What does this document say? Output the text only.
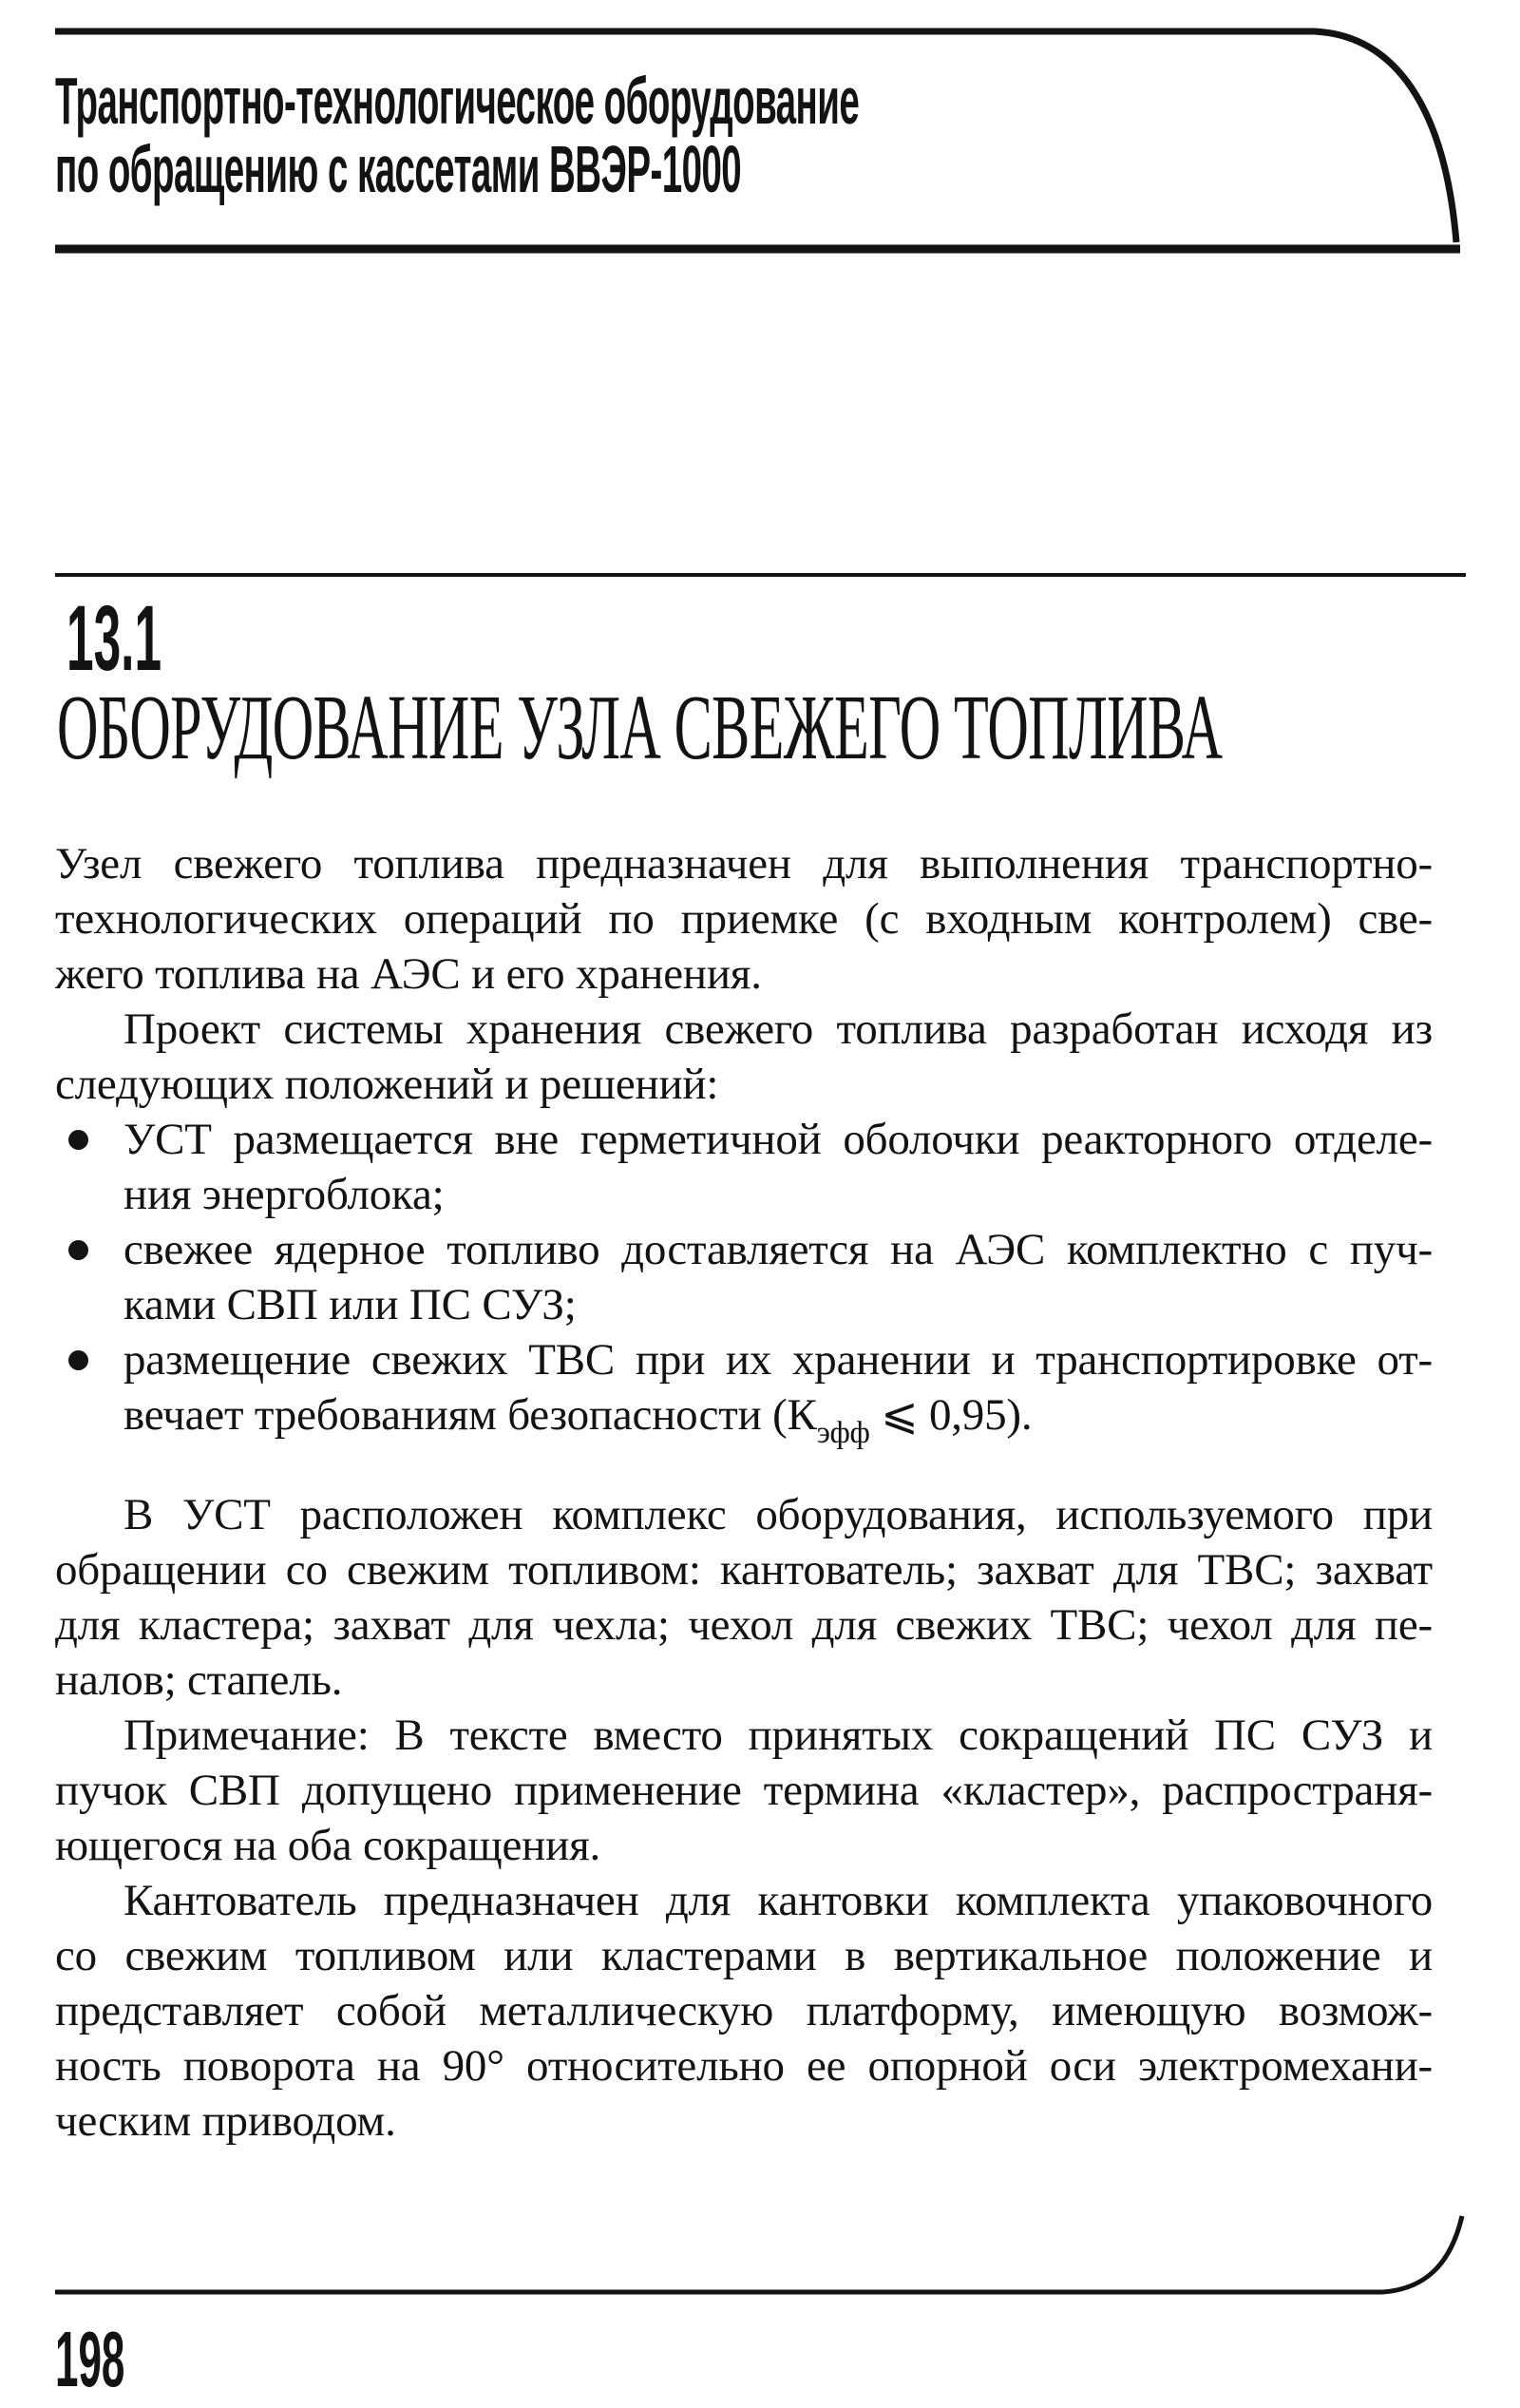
Транспортно-технологическое оборудование
по обращению с кассетами ВВЭР-1000
13.1
ОБОРУДОВАНИЕ УЗЛА СВЕЖЕГО ТОПЛИВА
Узел свежего топлива предназначен для выполнения транспортно-
технологических операций по приемке (с входным контролем) све-
жего топлива на АЭС и его хранения.
Проект системы хранения свежего топлива разработан исходя из
следующих положений и решений:
УСТ размещается вне герметичной оболочки реакторного отделе-
ния энергоблока;
свежее ядерное топливо доставляется на АЭС комплектно с пуч-
ками СВП или ПС СУЗ;
размещение свежих ТВС при их хранении и транспортировке от-
вечает требованиям безопасности ($К_{эфф}$ ⩽ 0,95).
В УСТ расположен комплекс оборудования, используемого при
обращении со свежим топливом: кантователь; захват для ТВС; захват
для кластера; захват для чехла; чехол для свежих ТВС; чехол для пе-
налов; стапель.
Примечание: В тексте вместо принятых сокращений ПС СУЗ и
пучок СВП допущено применение термина «кластер», распространя-
ющегося на оба сокращения.
Кантователь предназначен для кантовки комплекта упаковочного
со свежим топливом или кластерами в вертикальное положение и
представляет собой металлическую платформу, имеющую возмож-
ность поворота на 90° относительно ее опорной оси электромехани-
ческим приводом.
198
